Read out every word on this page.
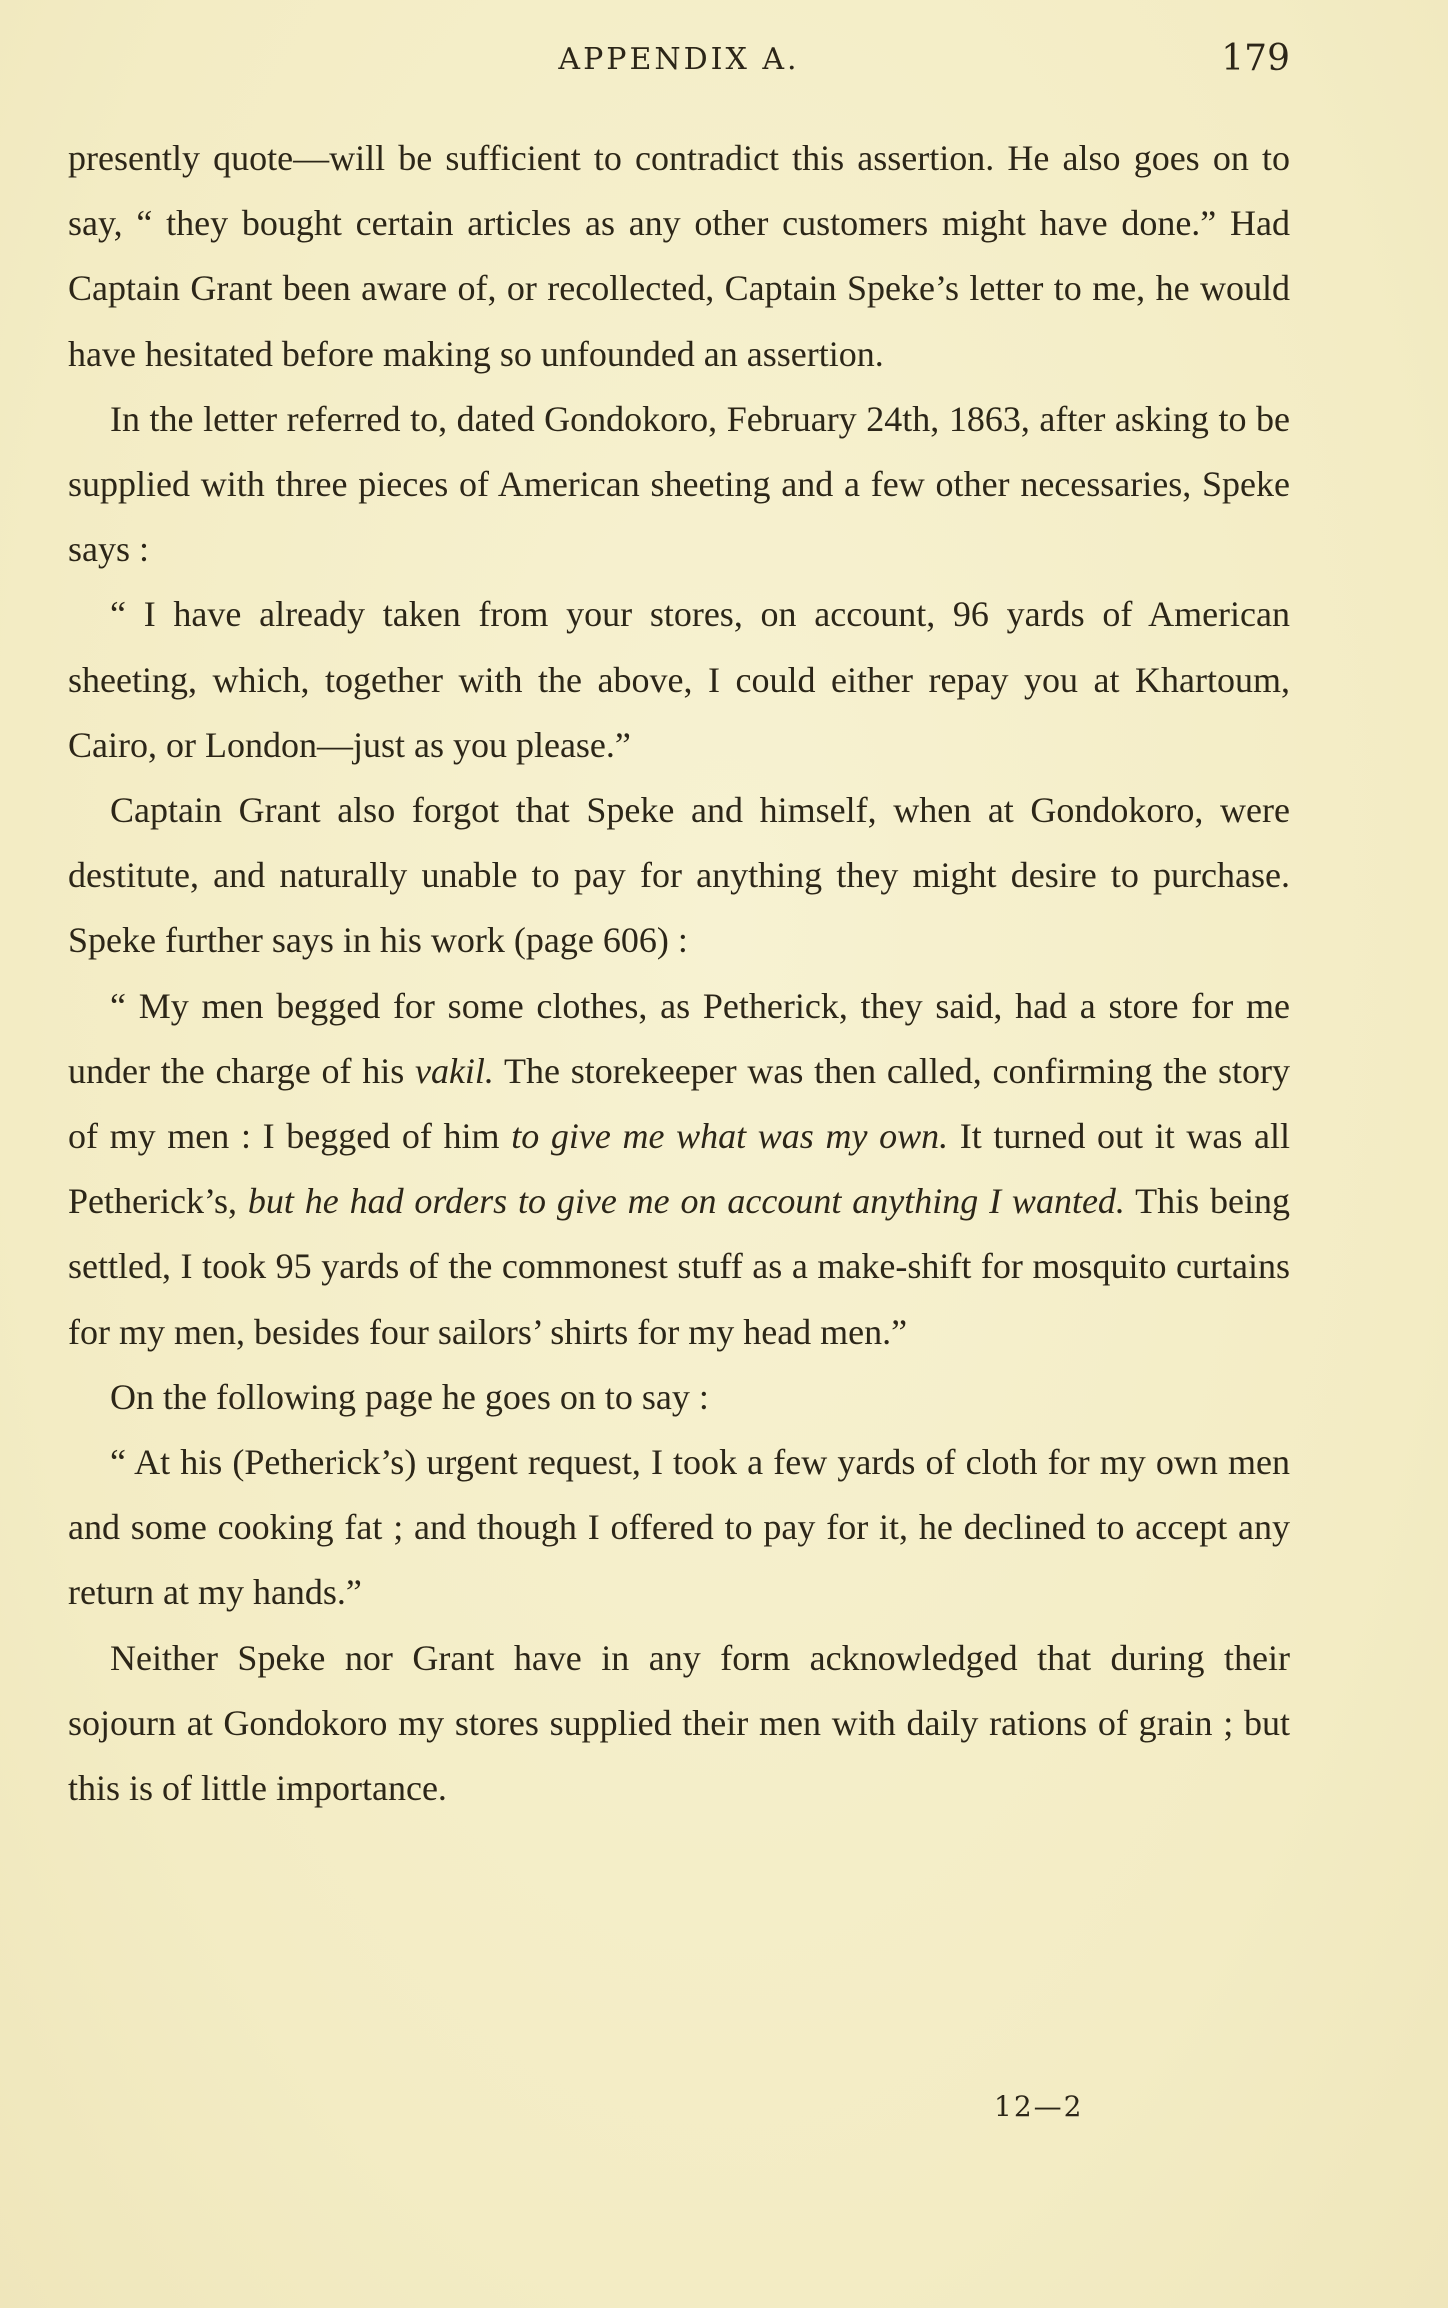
APPENDIX A.	179

presently quote—will be sufficient to contradict this assertion. He also goes on to say, “ they bought certain articles as any other customers might have done.” Had Captain Grant been aware of, or recollected, Captain Speke’s letter to me, he would have hesitated before making so unfounded an assertion.

In the letter referred to, dated Gondokoro, February 24th, 1863, after asking to be supplied with three pieces of American sheeting and a few other necessaries, Speke says :

“ I have already taken from your stores, on account, 96 yards of American sheeting, which, together with the above, I could either repay you at Khartoum, Cairo, or London—just as you please.”

Captain Grant also forgot that Speke and himself, when at Gondokoro, were destitute, and naturally unable to pay for anything they might desire to purchase. Speke further says in his work (page 606) :

“ My men begged for some clothes, as Petherick, they said, had a store for me under the charge of his vakil. The storekeeper was then called, confirming the story of my men : I begged of him to give me what was my own. It turned out it was all Petherick’s, but he had orders to give me on account anything I wanted. This being settled, I took 95 yards of the commonest stuff as a make-shift for mosquito curtains for my men, besides four sailors’ shirts for my head men.”

On the following page he goes on to say :

“ At his (Petherick’s) urgent request, I took a few yards of cloth for my own men and some cooking fat ; and though I offered to pay for it, he declined to accept any return at my hands.”

Neither Speke nor Grant have in any form acknowledged that during their sojourn at Gondokoro my stores supplied their men with daily rations of grain ; but this is of little importance.

12—2
